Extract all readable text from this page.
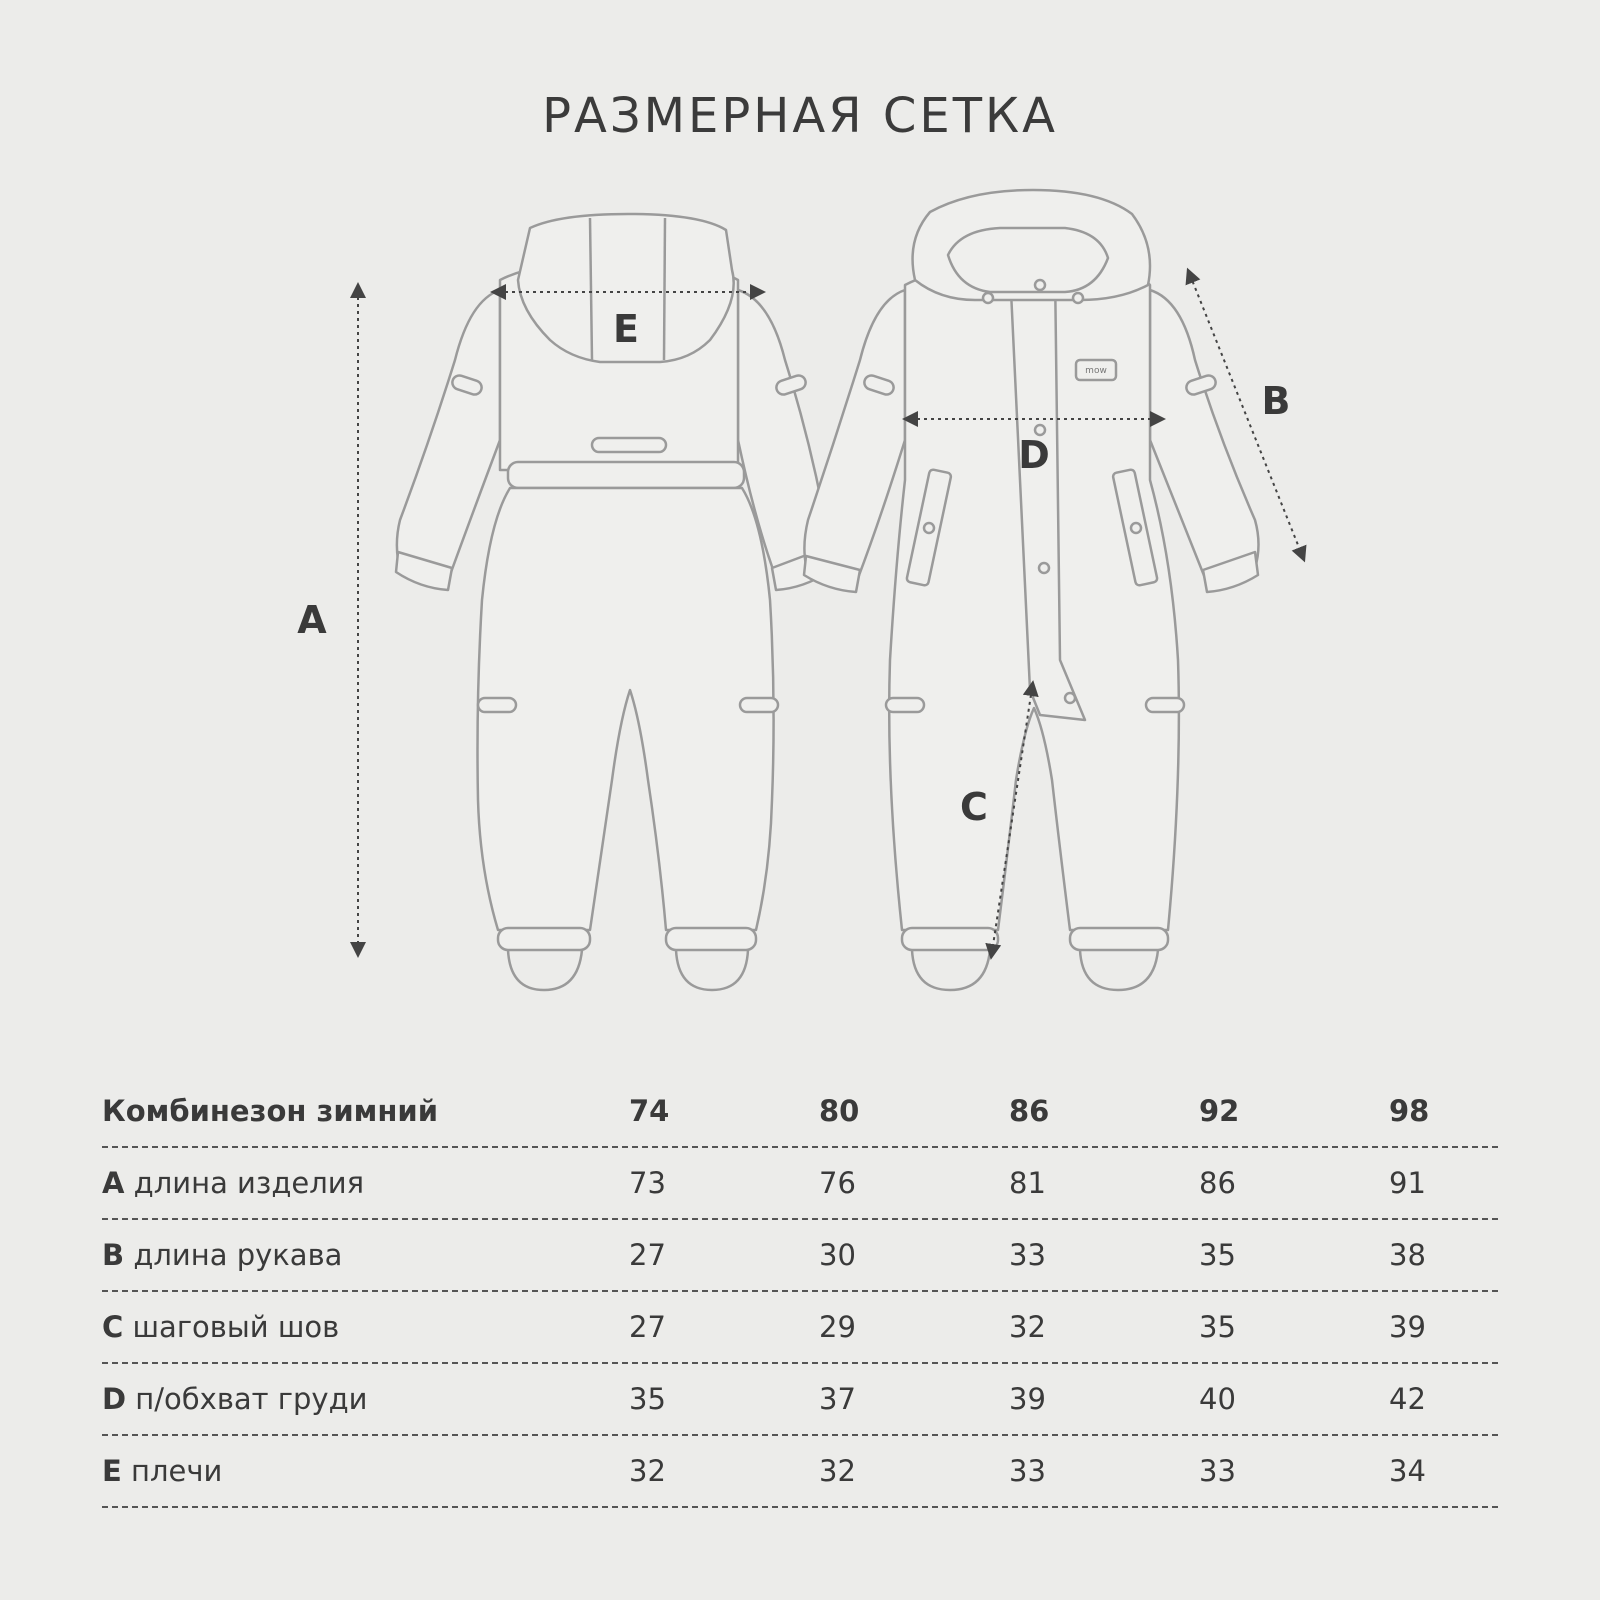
РАЗМЕРНАЯ СЕТКА
mow
A
E
D
B
C
Комбинезон зимний	74	80	86	92	98
A длина изделия	73	76	81	86	91
B длина рукава	27	30	33	35	38
C шаговый шов	27	29	32	35	39
D п/обхват груди	35	37	39	40	42
E плечи	32	32	33	33	34
